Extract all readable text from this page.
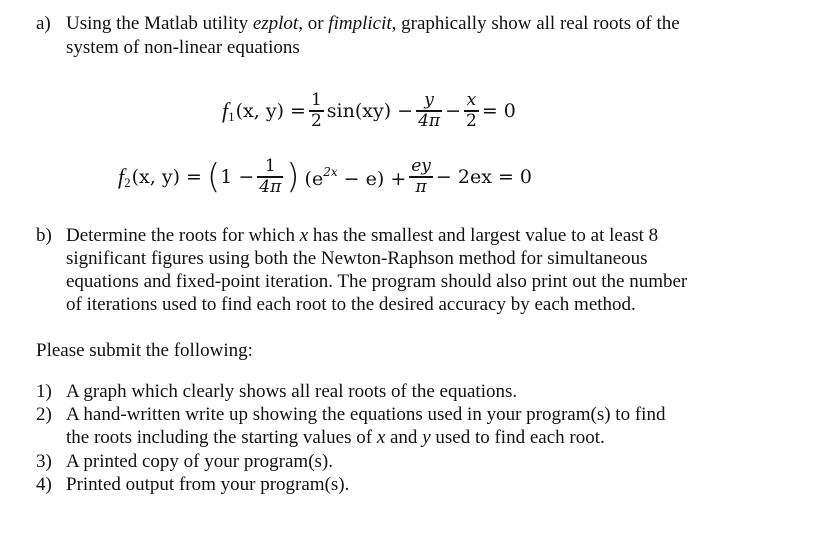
a) Using the Matlab utility ezplot, or fimplicit, graphically show all real roots of the
system of non-linear equations
$f_1$ (x, $y) = \frac{1}{2} \sin(xy) - \frac{y}{4\pi} - \frac{x}{2} = 0$
$f_2$ (x, y) = ( $1 - \frac{1}{4\pi}$ ) $(e^{2x} - e) + \frac{ey}{\pi} - 2ex = 0$
b) Determine the roots for which x has the smallest and largest value to at least 8
significant figures using both the Newton-Raphson method for simultaneous
equations and fixed-point iteration. The program should also print out the number
of iterations used to find each root to the desired accuracy by each method.
Please submit the following:
1) A graph which clearly shows all real roots of the equations.
2) A hand-written write up showing the equations used in your program(s) to find
the roots including the starting values of x and y used to find each root.
3) A printed copy of your program(s).
4) Printed output from your program(s).
